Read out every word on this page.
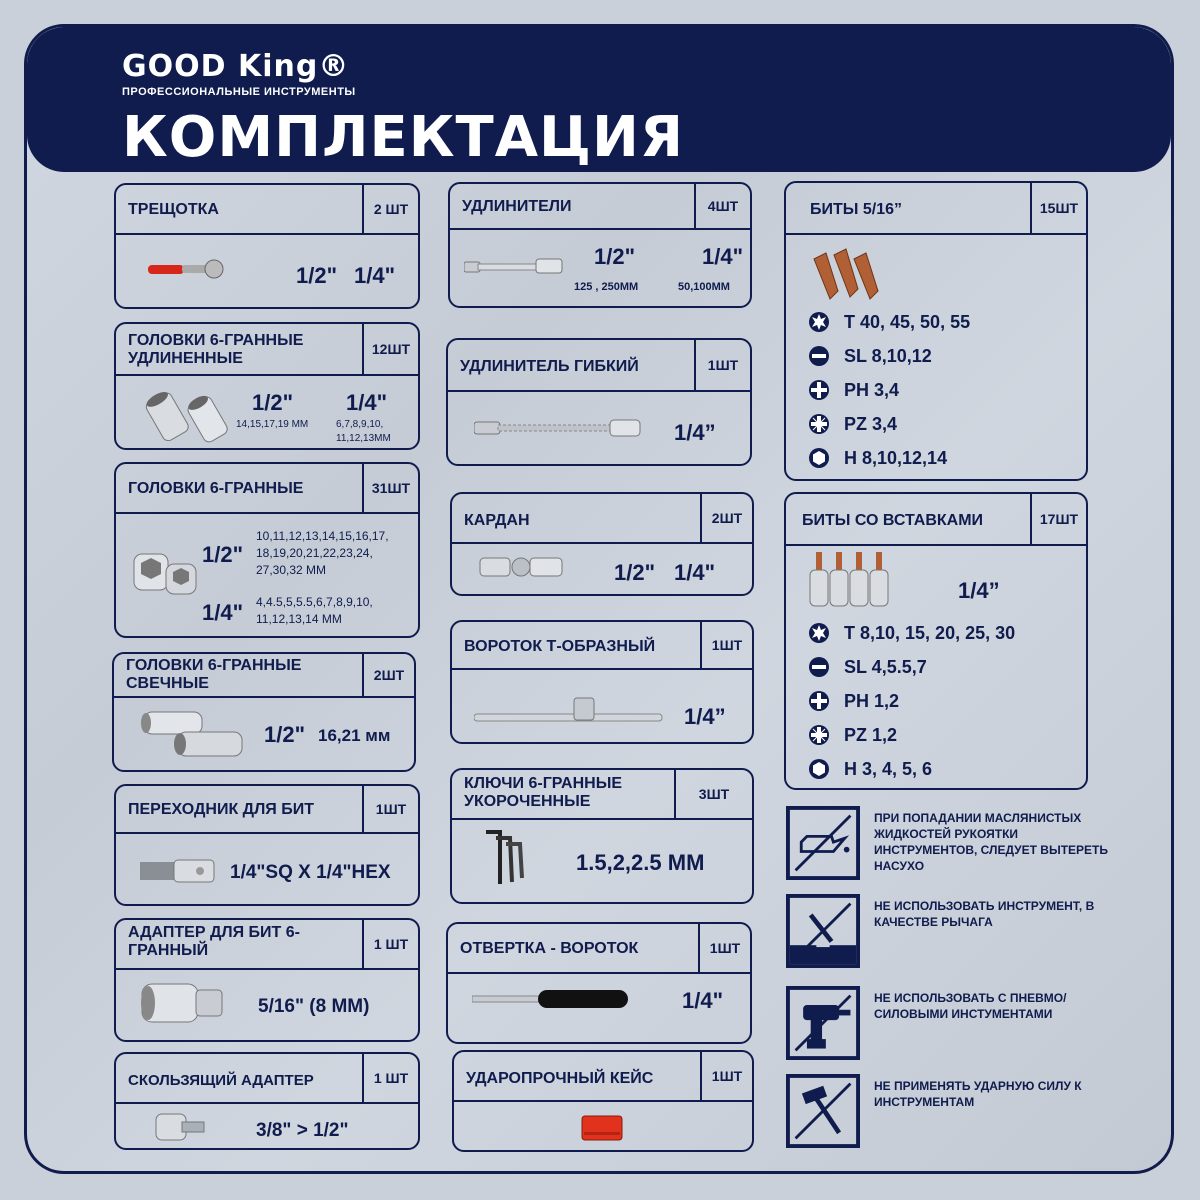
GOOD King®
ПРОФЕССИОНАЛЬНЫЕ ИНСТРУМЕНТЫ
КОМПЛЕКТАЦИЯ
ТРЕЩОТКА	2 ШТ
1/2" 1/4"
ГОЛОВКИ 6-ГРАННЫЕ УДЛИНЕННЫЕ
12ШТ
1/2"
14,15,17,19 ММ
1/4"
6,7,8,9,10, 11,12,13ММ
ГОЛОВКИ 6-ГРАННЫЕ	31ШТ
1/2"
10,11,12,13,14,15,16,17, 18,19,20,21,22,23,24, 27,30,32 ММ
1/4" 4,4.5,5,5.5,6,7,8,9,10, 11,12,13,14 ММ
ГОЛОВКИ 6-ГРАННЫЕ СВЕЧНЫЕ	2ШТ
1/2" 16,21 мм
ПЕРЕХОДНИК ДЛЯ БИТ	1ШТ
1/4"SQ X 1/4"HEX
АДАПТЕР ДЛЯ БИТ 6-ГРАННЫЙ	1 ШТ
5/16" (8 ММ)
СКОЛЬЗЯЩИЙ АДАПТЕР	1 ШТ
3/8" > 1/2"
УДЛИНИТЕЛИ	4ШТ
1/2"
125 , 250ММ
1/4"
50,100ММ
УДЛИНИТЕЛЬ ГИБКИЙ	1ШТ
1/4”
КАРДАН	2ШТ
1/2" 1/4"
ВОРОТОК Т-ОБРАЗНЫЙ	1ШТ
1/4”
КЛЮЧИ 6-ГРАННЫЕ УКОРОЧЕННЫЕ	3ШТ
1.5,2,2.5 ММ
ОТВЕРТКА - ВОРОТОК	1ШТ
1/4"
УДАРОПРОЧНЫЙ КЕЙС	1ШТ
БИТЫ 5/16”	15ШТ
T 40, 45, 50, 55
SL 8,10,12
PH 3,4
PZ 3,4
H 8,10,12,14
БИТЫ СО ВСТАВКАМИ	17ШТ
1/4”
T 8,10, 15, 20, 25, 30
SL 4,5.5,7
PH 1,2
PZ 1,2
H 3, 4, 5, 6
ПРИ ПОПАДАНИИ МАСЛЯНИСТЫХ ЖИДКОСТЕЙ РУКОЯТКИ ИНСТРУМЕНТОВ, СЛЕДУЕТ ВЫТЕРЕТЬ НАСУХО
НЕ ИСПОЛЬЗОВАТЬ ИНСТРУМЕНТ, В КАЧЕСТВЕ РЫЧАГА
НЕ ИСПОЛЬЗОВАТЬ С ПНЕВМО/СИЛОВЫМИ ИНСТУМЕНТАМИ
НЕ ПРИМЕНЯТЬ УДАРНУЮ СИЛУ К ИНСТРУМЕНТАМ
